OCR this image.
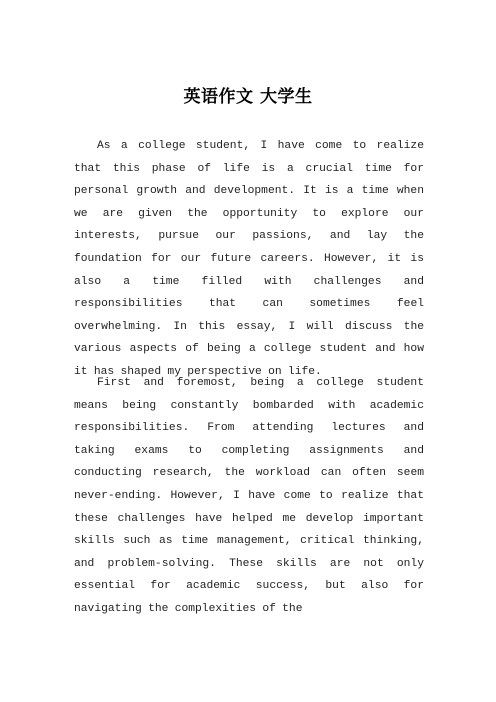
英语作文 大学生

As a college student, I have come to realize that this phase of life is a crucial time for personal growth and development. It is a time when we are given the opportunity to explore our interests, pursue our passions, and lay the foundation for our future careers. However, it is also a time filled with challenges and responsibilities that can sometimes feel overwhelming. In this essay, I will discuss the various aspects of being a college student and how it has shaped my perspective on life.

First and foremost, being a college student means being constantly bombarded with academic responsibilities. From attending lectures and taking exams to completing assignments and conducting research, the workload can often seem never-ending. However, I have come to realize that these challenges have helped me develop important skills such as time management, critical thinking, and problem-solving. These skills are not only essential for academic success, but also for navigating the complexities of the
